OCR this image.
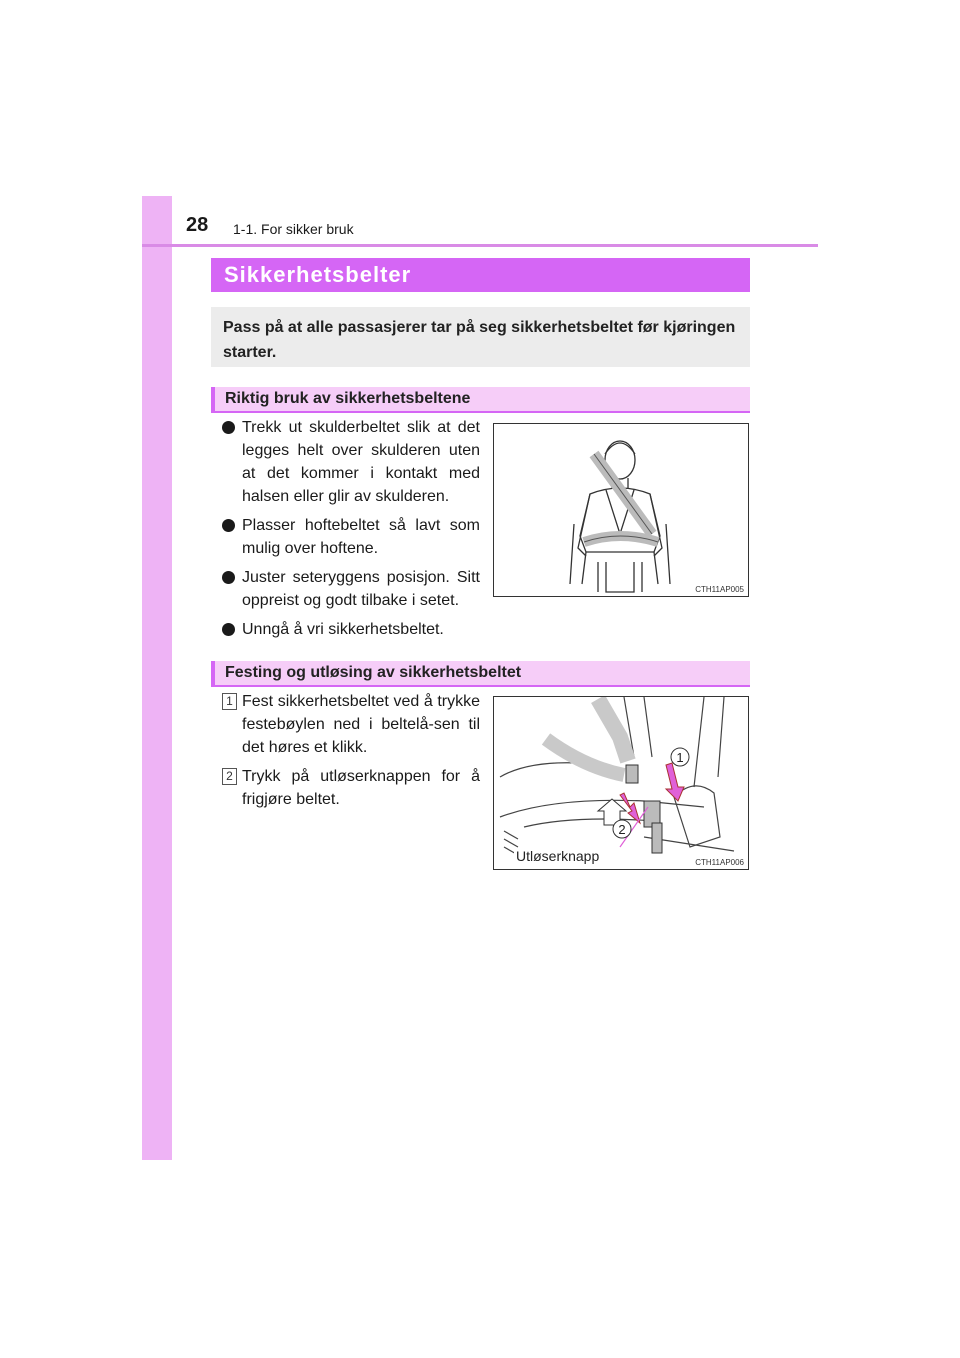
28 1-1. For sikker bruk
Sikkerhetsbelter

Pass på at alle passasjerer tar på seg sikkerhetsbeltet før kjøringen starter.

Riktig bruk av sikkerhetsbeltene
Trekk ut skulderbeltet slik at det legges helt over skulderen uten at det kommer i kontakt med halsen eller glir av skulderen.
Plasser hoftebeltet så lavt som mulig over hoftene.
Juster seteryggens posisjon. Sitt oppreist og godt tilbake i setet.
Unngå å vri sikkerhetsbeltet.
CTH11AP005
Festing og utløsing av sikkerhetsbeltet
1 Fest sikkerhetsbeltet ved å trykke festebøylen ned i beltelå-sen til det høres et klikk.
2 Trykk på utløserknappen for å frigjøre beltet.
1
2
Utløserknapp	CTH11AP006
